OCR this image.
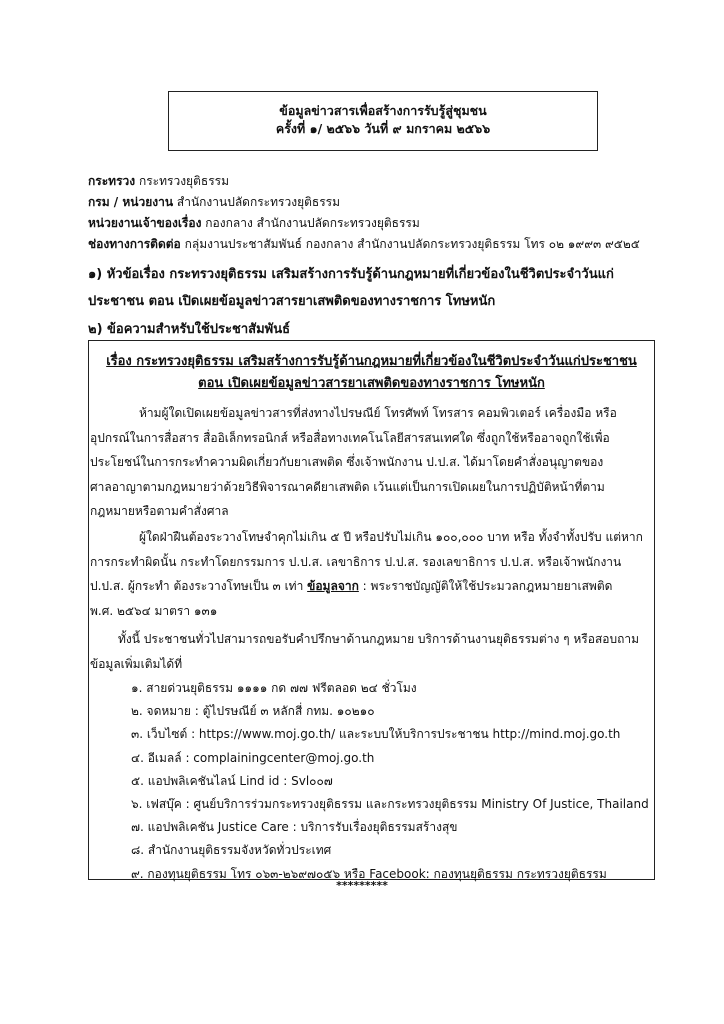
ข้อมูลข่าวสารเพื่อสร้างการรับรู้สู่ชุมชน
ครั้งที่ ๑/ ๒๕๖๖ วันที่ ๙ มกราคม ๒๕๖๖
กระทรวง กระทรวงยุติธรรม
กรม / หน่วยงาน สำนักงานปลัดกระทรวงยุติธรรม
หน่วยงานเจ้าของเรื่อง กองกลาง สำนักงานปลัดกระทรวงยุติธรรม
ช่องทางการติดต่อ กลุ่มงานประชาสัมพันธ์ กองกลาง สำนักงานปลัดกระทรวงยุติธรรม โทร ๐๒ ๑๙๙๓ ๙๕๒๕
๑) หัวข้อเรื่อง กระทรวงยุติธรรม เสริมสร้างการรับรู้ด้านกฎหมายที่เกี่ยวข้องในชีวิตประจำวันแก่
ประชาชน ตอน เปิดเผยข้อมูลข่าวสารยาเสพติดของทางราชการ โทษหนัก
๒) ข้อความสำหรับใช้ประชาสัมพันธ์
เรื่อง กระทรวงยุติธรรม เสริมสร้างการรับรู้ด้านกฎหมายที่เกี่ยวข้องในชีวิตประจำวันแก่ประชาชน
ตอน เปิดเผยข้อมูลข่าวสารยาเสพติดของทางราชการ โทษหนัก
ห้ามผู้ใดเปิดเผยข้อมูลข่าวสารที่ส่งทางไปรษณีย์ โทรศัพท์ โทรสาร คอมพิวเตอร์ เครื่องมือ หรือ
อุปกรณ์ในการสื่อสาร สื่ออิเล็กทรอนิกส์ หรือสื่อทางเทคโนโลยีสารสนเทศใด ซึ่งถูกใช้หรืออาจถูกใช้เพื่อ
ประโยชน์ในการกระทำความผิดเกี่ยวกับยาเสพติด ซึ่งเจ้าพนักงาน ป.ป.ส. ได้มาโดยคำสั่งอนุญาตของ
ศาลอาญาตามกฎหมายว่าด้วยวิธีพิจารณาคดียาเสพติด เว้นแต่เป็นการเปิดเผยในการปฏิบัติหน้าที่ตาม
กฎหมายหรือตามคำสั่งศาล
ผู้ใดฝ่าฝืนต้องระวางโทษจำคุกไม่เกิน ๕ ปี หรือปรับไม่เกิน ๑๐๐,๐๐๐ บาท หรือ ทั้งจำทั้งปรับ แต่หาก
การกระทำผิดนั้น กระทำโดยกรรมการ ป.ป.ส. เลขาธิการ ป.ป.ส. รองเลขาธิการ ป.ป.ส. หรือเจ้าพนักงาน
ป.ป.ส. ผู้กระทำ ต้องระวางโทษเป็น ๓ เท่า ข้อมูลจาก : พระราชบัญญัติให้ใช้ประมวลกฎหมายยาเสพติด
พ.ศ. ๒๕๖๔ มาตรา ๑๓๑
ทั้งนี้ ประชาชนทั่วไปสามารถขอรับคำปรึกษาด้านกฎหมาย บริการด้านงานยุติธรรมต่าง ๆ หรือสอบถาม
ข้อมูลเพิ่มเติมได้ที่
๑. สายด่วนยุติธรรม ๑๑๑๑ กด ๗๗ ฟรีตลอด ๒๔ ชั่วโมง
๒. จดหมาย : ตู้ไปรษณีย์ ๓ หลักสี่ กทม. ๑๐๒๑๐
๓. เว็บไซต์ : https://www.moj.go.th/ และระบบให้บริการประชาชน http://mind.moj.go.th
๔. อีเมลล์ : complainingcenter@moj.go.th
๕. แอปพลิเคชันไลน์ Lind id : Svl๐๐๗
๖. เฟสบุ๊ค : ศูนย์บริการร่วมกระทรวงยุติธรรม และกระทรวงยุติธรรม Ministry Of Justice, Thailand
๗. แอปพลิเคชัน Justice Care : บริการรับเรื่องยุติธรรมสร้างสุข
๘. สำนักงานยุติธรรมจังหวัดทั่วประเทศ
๙. กองทุนยุติธรรม โทร ๐๖๓-๒๖๙๗๐๕๖ หรือ Facebook: กองทุนยุติธรรม กระทรวงยุติธรรม
*********
